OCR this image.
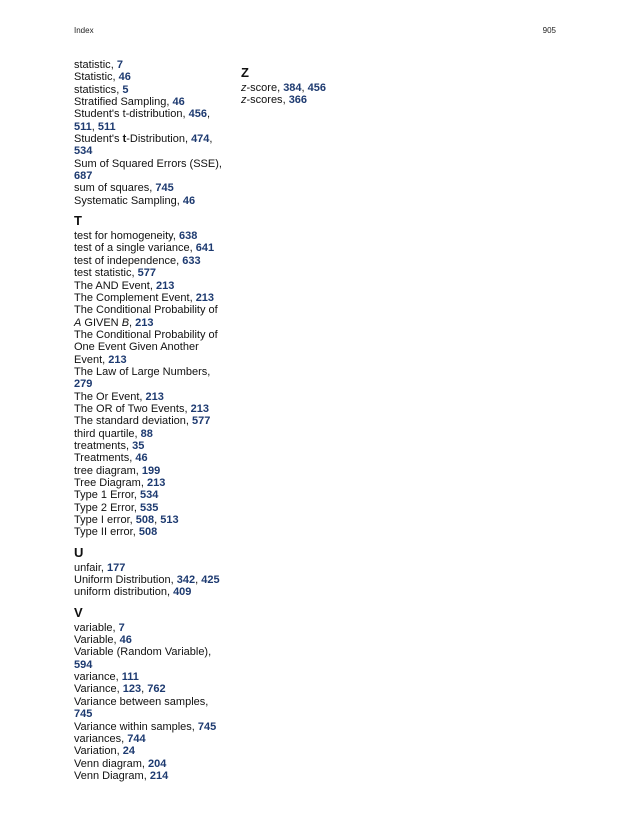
Index	905
statistic, 7
Statistic, 46
statistics, 5
Stratified Sampling, 46
Student's t-distribution, 456, 511, 511
Student's t-Distribution, 474, 534
Sum of Squared Errors (SSE), 687
sum of squares, 745
Systematic Sampling, 46
T
test for homogeneity, 638
test of a single variance, 641
test of independence, 633
test statistic, 577
The AND Event, 213
The Complement Event, 213
The Conditional Probability of A GIVEN B, 213
The Conditional Probability of One Event Given Another Event, 213
The Law of Large Numbers, 279
The Or Event, 213
The OR of Two Events, 213
The standard deviation, 577
third quartile, 88
treatments, 35
Treatments, 46
tree diagram, 199
Tree Diagram, 213
Type 1 Error, 534
Type 2 Error, 535
Type I error, 508, 513
Type II error, 508
U
unfair, 177
Uniform Distribution, 342, 425
uniform distribution, 409
V
variable, 7
Variable, 46
Variable (Random Variable), 594
variance, 111
Variance, 123, 762
Variance between samples, 745
Variance within samples, 745
variances, 744
Variation, 24
Venn diagram, 204
Venn Diagram, 214
Z
z-score, 384, 456
z-scores, 366
